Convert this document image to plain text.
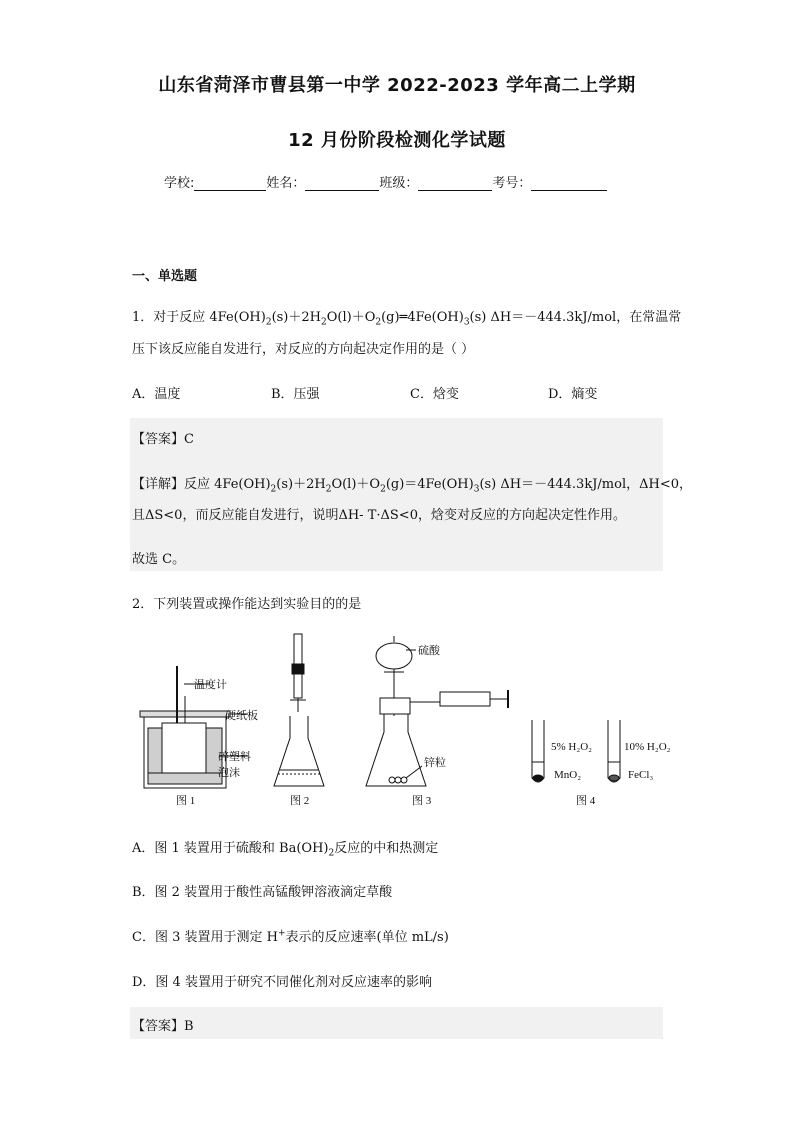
山东省菏泽市曹县第一中学 2022-2023 学年高二上学期
12 月份阶段检测化学试题
学校:	姓名：	班级：	考号：
一、单选题
1．对于反应 $4Fe(OH)_2(s)+2H_2O(l)+O_2(g)═4Fe(OH)_3(s)$ ΔH＝－444.3kJ/mol，在常温常
压下该反应能自发进行，对反应的方向起决定作用的是（ ）
A．温度	B．压强	C．焓变	D．熵变
【答案】C
【详解】反应 $4Fe(OH)_2(s)+2H_2O(l)+O_2(g)=4Fe(OH)_3(s)$ ΔH＝－444.3kJ/mol，ΔH<0，
且ΔS<0，而反应能自发进行，说明ΔH- T·ΔS<0，焓变对反应的方向起决定性作用。
故选 C。
2．下列装置或操作能达到实验目的的是
温度计
硬纸板
碎塑料
泡沫
图 1	图 2
硫酸
锌粒
图 3
5% H₂O₂
MnO₂
10% H₂O₂
FeCl₃
图 4
A．图 1 装置用于硫酸和 $Ba(OH)_2$反应的中和热测定
B．图 2 装置用于酸性高锰酸钾溶液滴定草酸
C．图 3 装置用于测定 H+表示的反应速率(单位 mL/s)
D．图 4 装置用于研究不同催化剂对反应速率的影响
【答案】B
